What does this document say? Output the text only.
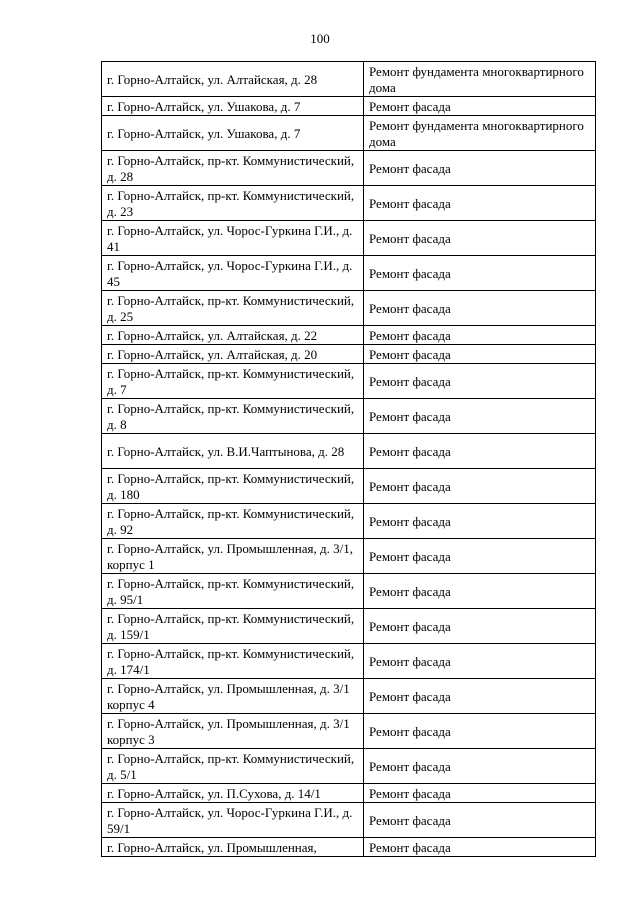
100
г. Горно-Алтайск, ул. Алтайская, д. 28	Ремонт фундамента многоквартирного дома
г. Горно-Алтайск, ул. Ушакова, д. 7	Ремонт фасада
г. Горно-Алтайск, ул. Ушакова, д. 7	Ремонт фундамента многоквартирного дома
г. Горно-Алтайск, пр-кт. Коммунистический, д. 28	Ремонт фасада
г. Горно-Алтайск, пр-кт. Коммунистический, д. 23	Ремонт фасада
г. Горно-Алтайск, ул. Чорос-Гуркина Г.И., д. 41	Ремонт фасада
г. Горно-Алтайск, ул. Чорос-Гуркина Г.И., д. 45	Ремонт фасада
г. Горно-Алтайск, пр-кт. Коммунистический, д. 25	Ремонт фасада
г. Горно-Алтайск, ул. Алтайская, д. 22	Ремонт фасада
г. Горно-Алтайск, ул. Алтайская, д. 20	Ремонт фасада
г. Горно-Алтайск, пр-кт. Коммунистический, д. 7	Ремонт фасада
г. Горно-Алтайск, пр-кт. Коммунистический, д. 8	Ремонт фасада
г. Горно-Алтайск, ул. В.И.Чаптынова, д. 28	Ремонт фасада
г. Горно-Алтайск, пр-кт. Коммунистический, д. 180	Ремонт фасада
г. Горно-Алтайск, пр-кт. Коммунистический, д. 92	Ремонт фасада
г. Горно-Алтайск, ул. Промышленная, д. 3/1, корпус 1	Ремонт фасада
г. Горно-Алтайск, пр-кт. Коммунистический, д. 95/1	Ремонт фасада
г. Горно-Алтайск, пр-кт. Коммунистический, д. 159/1	Ремонт фасада
г. Горно-Алтайск, пр-кт. Коммунистический, д. 174/1	Ремонт фасада
г. Горно-Алтайск, ул. Промышленная, д. 3/1 корпус 4	Ремонт фасада
г. Горно-Алтайск, ул. Промышленная, д. 3/1 корпус 3	Ремонт фасада
г. Горно-Алтайск, пр-кт. Коммунистический, д. 5/1	Ремонт фасада
г. Горно-Алтайск, ул. П.Сухова, д. 14/1	Ремонт фасада
г. Горно-Алтайск, ул. Чорос-Гуркина Г.И., д. 59/1	Ремонт фасада
г. Горно-Алтайск, ул. Промышленная,	Ремонт фасада
